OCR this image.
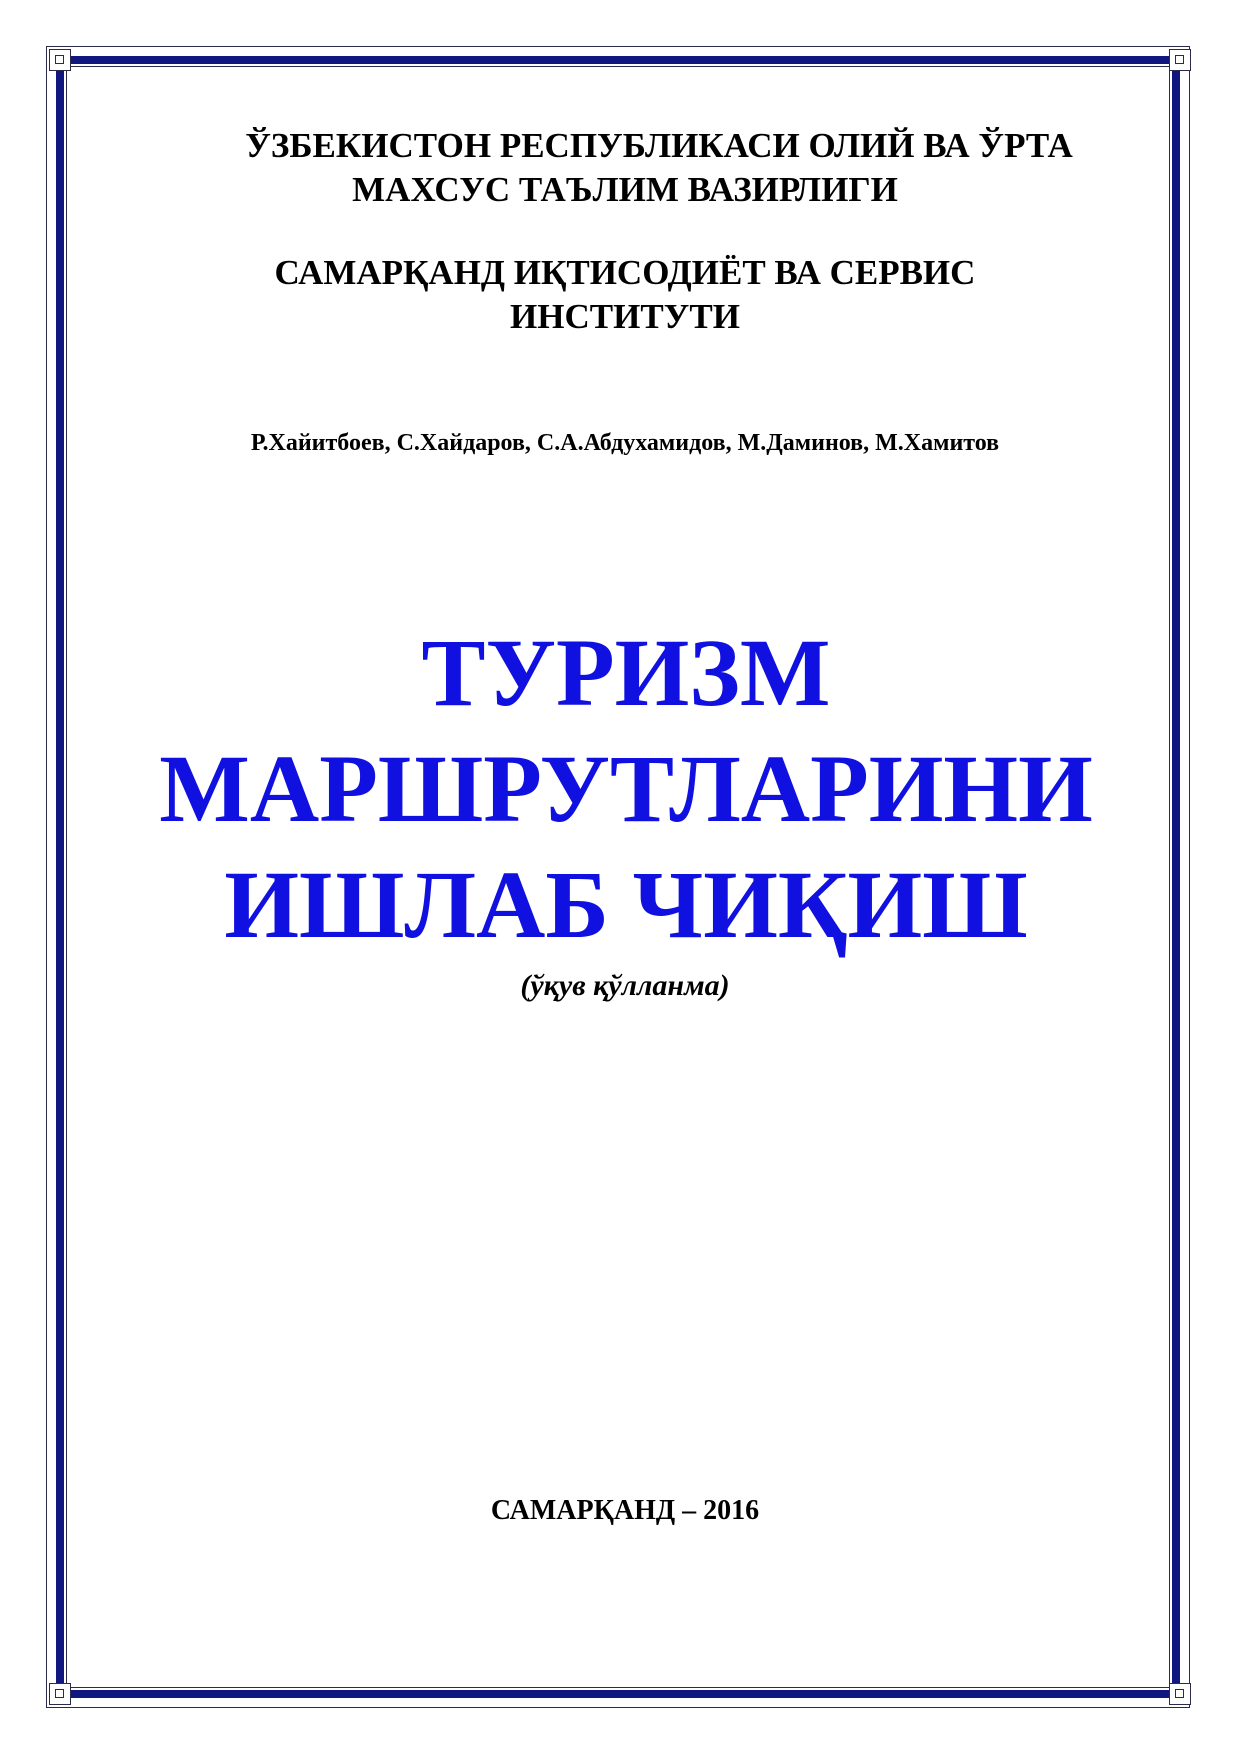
ЎЗБЕКИСТОН РЕСПУБЛИКАСИ ОЛИЙ ВА ЎРТА
МАХСУС ТАЪЛИМ ВАЗИРЛИГИ
САМАРҚАНД ИҚТИСОДИЁТ ВА СЕРВИС
ИНСТИТУТИ
Р.Хайитбоев, С.Хайдаров, С.А.Абдухамидов, М.Даминов, М.Хамитов
ТУРИЗМ
МАРШРУТЛАРИНИ
ИШЛАБ ЧИҚИШ
(ўқув қўлланма)
САМАРҚАНД – 2016
